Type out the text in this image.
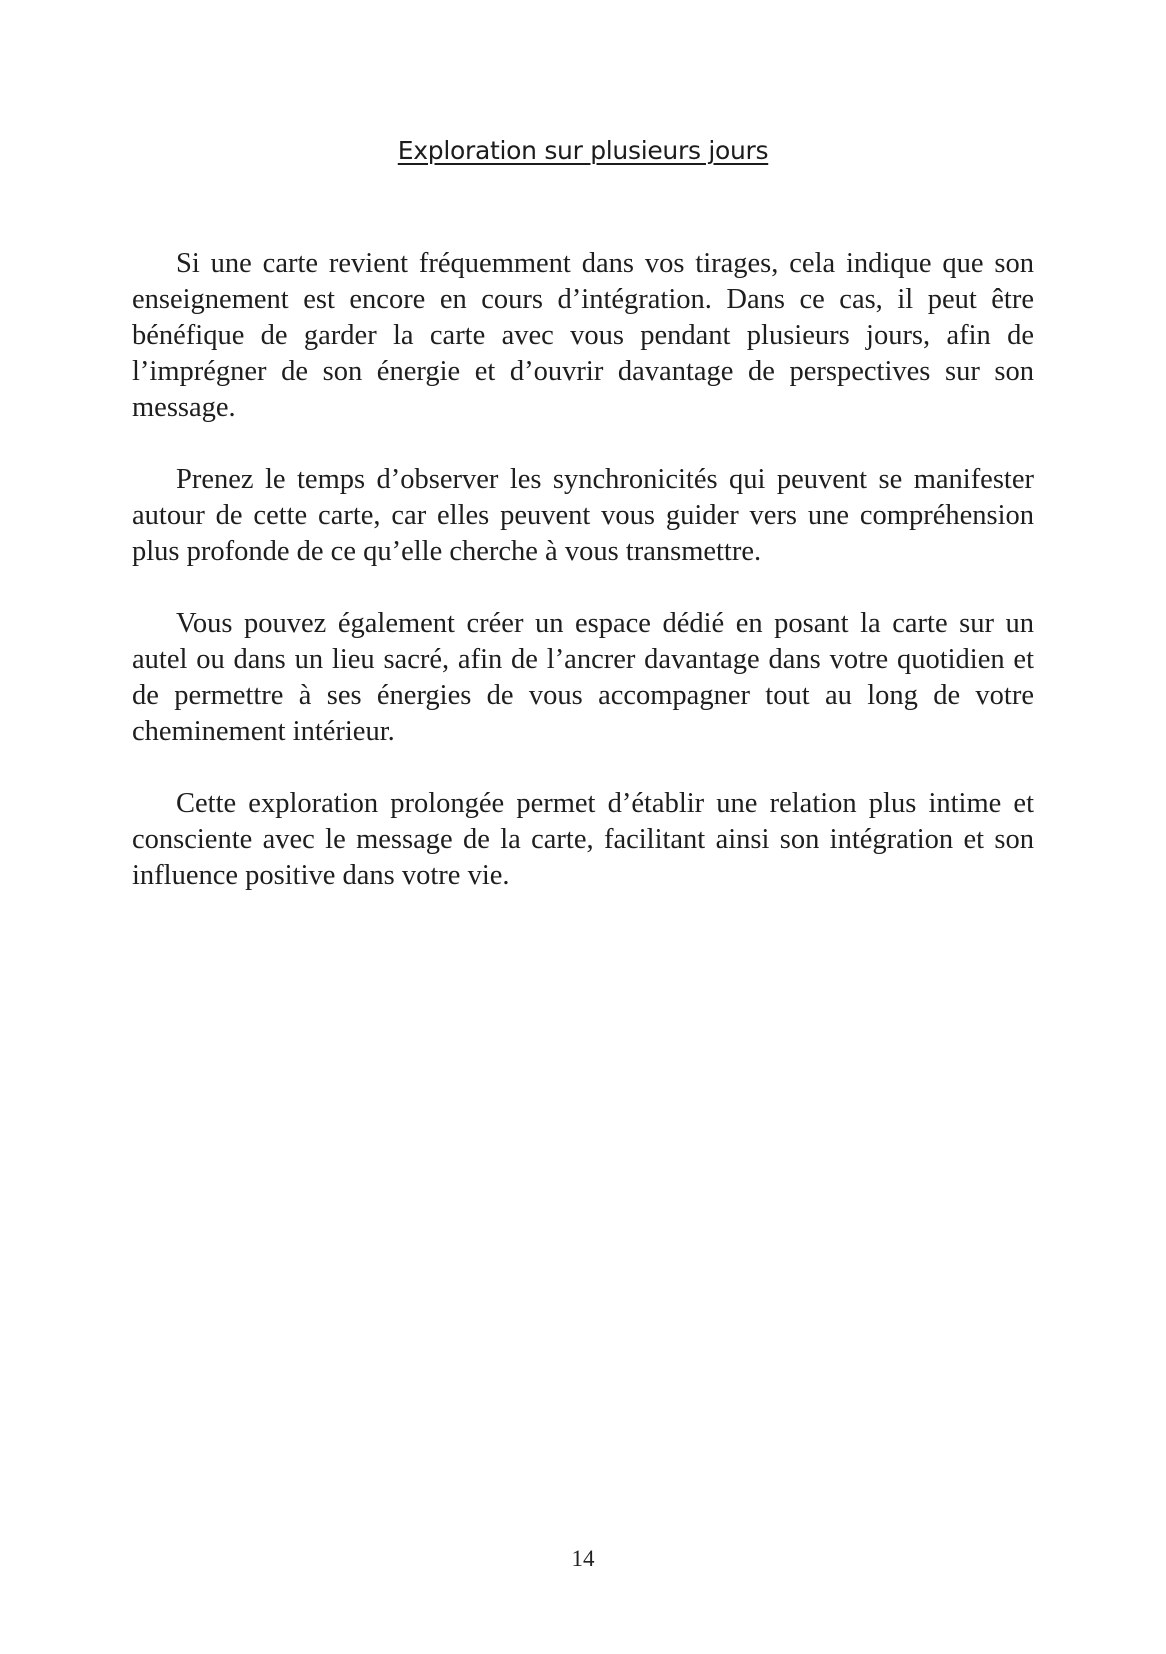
Exploration sur plusieurs jours

Si une carte revient fréquemment dans vos tirages, cela indique que son enseignement est encore en cours d’intégration. Dans ce cas, il peut être bénéfique de garder la carte avec vous pendant plusieurs jours, afin de l’imprégner de son énergie et d’ouvrir davantage de perspectives sur son message.

Prenez le temps d’observer les synchronicités qui peuvent se manifester autour de cette carte, car elles peuvent vous guider vers une compréhension plus profonde de ce qu’elle cherche à vous transmettre.

Vous pouvez également créer un espace dédié en posant la carte sur un autel ou dans un lieu sacré, afin de l’ancrer davantage dans votre quotidien et de permettre à ses énergies de vous accompagner tout au long de votre cheminement intérieur.

Cette exploration prolongée permet d’établir une relation plus intime et consciente avec le message de la carte, facilitant ainsi son intégration et son influence positive dans votre vie.

14
